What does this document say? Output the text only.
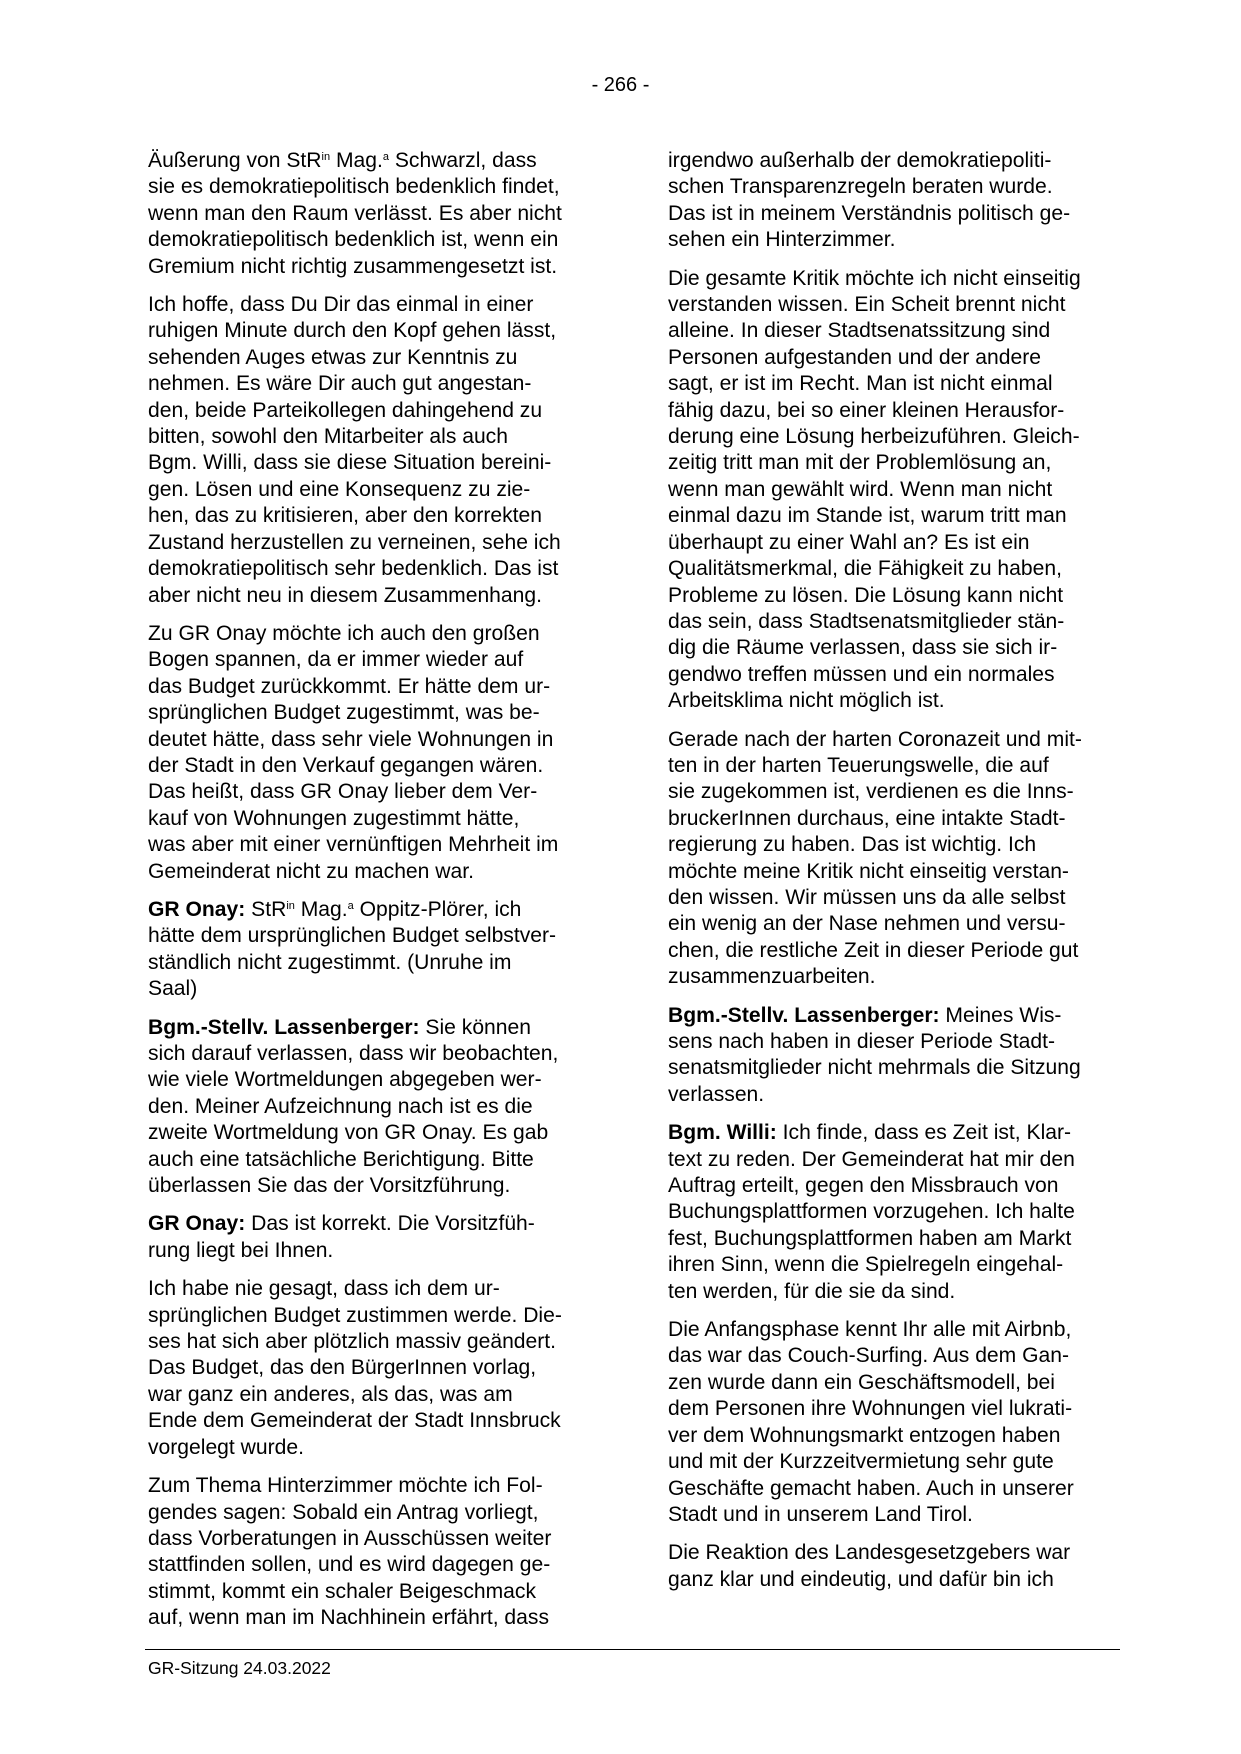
- 266 -

Äußerung von StR$^{in}$ Mag.$^a$ Schwarzl, dass
sie es demokratiepolitisch bedenklich findet,
wenn man den Raum verlässt. Es aber nicht
demokratiepolitisch bedenklich ist, wenn ein
Gremium nicht richtig zusammengesetzt ist.

Ich hoffe, dass Du Dir das einmal in einer
ruhigen Minute durch den Kopf gehen lässt,
sehenden Auges etwas zur Kenntnis zu
nehmen. Es wäre Dir auch gut angestan-
den, beide Parteikollegen dahingehend zu
bitten, sowohl den Mitarbeiter als auch
Bgm. Willi, dass sie diese Situation bereini-
gen. Lösen und eine Konsequenz zu zie-
hen, das zu kritisieren, aber den korrekten
Zustand herzustellen zu verneinen, sehe ich
demokratiepolitisch sehr bedenklich. Das ist
aber nicht neu in diesem Zusammenhang.

Zu GR Onay möchte ich auch den großen
Bogen spannen, da er immer wieder auf
das Budget zurückkommt. Er hätte dem ur-
sprünglichen Budget zugestimmt, was be-
deutet hätte, dass sehr viele Wohnungen in
der Stadt in den Verkauf gegangen wären.
Das heißt, dass GR Onay lieber dem Ver-
kauf von Wohnungen zugestimmt hätte,
was aber mit einer vernünftigen Mehrheit im
Gemeinderat nicht zu machen war.

GR Onay: StR$^{in}$ Mag.$^a$ Oppitz-Plörer, ich
hätte dem ursprünglichen Budget selbstver-
ständlich nicht zugestimmt. (Unruhe im
Saal)

Bgm.-Stellv. Lassenberger: Sie können
sich darauf verlassen, dass wir beobachten,
wie viele Wortmeldungen abgegeben wer-
den. Meiner Aufzeichnung nach ist es die
zweite Wortmeldung von GR Onay. Es gab
auch eine tatsächliche Berichtigung. Bitte
überlassen Sie das der Vorsitzführung.

GR Onay: Das ist korrekt. Die Vorsitzfüh-
rung liegt bei Ihnen.

Ich habe nie gesagt, dass ich dem ur-
sprünglichen Budget zustimmen werde. Die-
ses hat sich aber plötzlich massiv geändert.
Das Budget, das den BürgerInnen vorlag,
war ganz ein anderes, als das, was am
Ende dem Gemeinderat der Stadt Innsbruck
vorgelegt wurde.

Zum Thema Hinterzimmer möchte ich Fol-
gendes sagen: Sobald ein Antrag vorliegt,
dass Vorberatungen in Ausschüssen weiter
stattfinden sollen, und es wird dagegen ge-
stimmt, kommt ein schaler Beigeschmack
auf, wenn man im Nachhinein erfährt, dass

irgendwo außerhalb der demokratiepoliti-
schen Transparenzregeln beraten wurde.
Das ist in meinem Verständnis politisch ge-
sehen ein Hinterzimmer.

Die gesamte Kritik möchte ich nicht einseitig
verstanden wissen. Ein Scheit brennt nicht
alleine. In dieser Stadtsenatssitzung sind
Personen aufgestanden und der andere
sagt, er ist im Recht. Man ist nicht einmal
fähig dazu, bei so einer kleinen Herausfor-
derung eine Lösung herbeizuführen. Gleich-
zeitig tritt man mit der Problemlösung an,
wenn man gewählt wird. Wenn man nicht
einmal dazu im Stande ist, warum tritt man
überhaupt zu einer Wahl an? Es ist ein
Qualitätsmerkmal, die Fähigkeit zu haben,
Probleme zu lösen. Die Lösung kann nicht
das sein, dass Stadtsenatsmitglieder stän-
dig die Räume verlassen, dass sie sich ir-
gendwo treffen müssen und ein normales
Arbeitsklima nicht möglich ist.

Gerade nach der harten Coronazeit und mit-
ten in der harten Teuerungswelle, die auf
sie zugekommen ist, verdienen es die Inns-
bruckerInnen durchaus, eine intakte Stadt-
regierung zu haben. Das ist wichtig. Ich
möchte meine Kritik nicht einseitig verstan-
den wissen. Wir müssen uns da alle selbst
ein wenig an der Nase nehmen und versu-
chen, die restliche Zeit in dieser Periode gut
zusammenzuarbeiten.

Bgm.-Stellv. Lassenberger: Meines Wis-
sens nach haben in dieser Periode Stadt-
senatsmitglieder nicht mehrmals die Sitzung
verlassen.

Bgm. Willi: Ich finde, dass es Zeit ist, Klar-
text zu reden. Der Gemeinderat hat mir den
Auftrag erteilt, gegen den Missbrauch von
Buchungsplattformen vorzugehen. Ich halte
fest, Buchungsplattformen haben am Markt
ihren Sinn, wenn die Spielregeln eingehal-
ten werden, für die sie da sind.

Die Anfangsphase kennt Ihr alle mit Airbnb,
das war das Couch-Surfing. Aus dem Gan-
zen wurde dann ein Geschäftsmodell, bei
dem Personen ihre Wohnungen viel lukrati-
ver dem Wohnungsmarkt entzogen haben
und mit der Kurzzeitvermietung sehr gute
Geschäfte gemacht haben. Auch in unserer
Stadt und in unserem Land Tirol.

Die Reaktion des Landesgesetzgebers war
ganz klar und eindeutig, und dafür bin ich

GR-Sitzung 24.03.2022
